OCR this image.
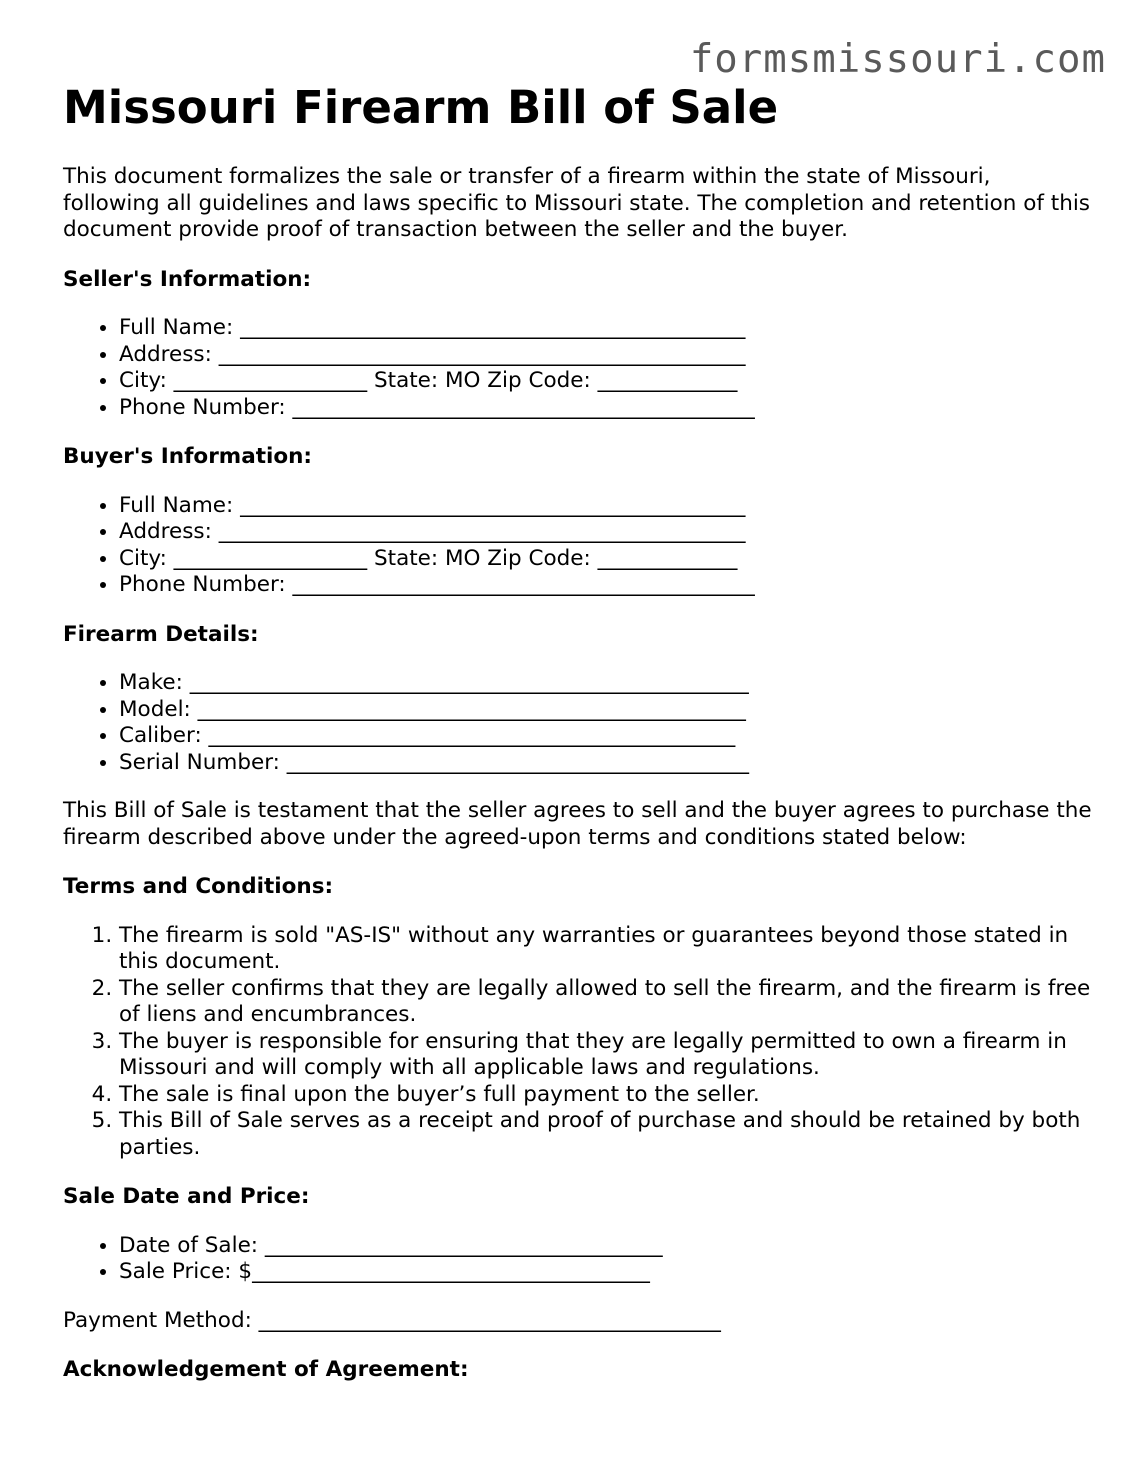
formsmissouri.com
Missouri Firearm Bill of Sale

This document formalizes the sale or transfer of a firearm within the state of Missouri, following all guidelines and laws specific to Missouri state. The completion and retention of this document provide proof of transaction between the seller and the buyer.

Seller's Information:
• Full Name: _______________________________________________
• Address: _________________________________________________
• City: __________________ State: MO Zip Code: _____________
• Phone Number: ___________________________________________
Buyer's Information:
• Full Name: _______________________________________________
• Address: _________________________________________________
• City: __________________ State: MO Zip Code: _____________
• Phone Number: ___________________________________________
Firearm Details:
• Make: ____________________________________________________
• Model: ___________________________________________________
• Caliber: _________________________________________________
• Serial Number: ___________________________________________

This Bill of Sale is testament that the seller agrees to sell and the buyer agrees to purchase the firearm described above under the agreed-upon terms and conditions stated below:

Terms and Conditions:
1. The firearm is sold "AS-IS" without any warranties or guarantees beyond those stated in this document.
2. The seller confirms that they are legally allowed to sell the firearm, and the firearm is free of liens and encumbrances.
3. The buyer is responsible for ensuring that they are legally permitted to own a firearm in Missouri and will comply with all applicable laws and regulations.
4. The sale is final upon the buyer’s full payment to the seller.
5. This Bill of Sale serves as a receipt and proof of purchase and should be retained by both parties.
Sale Date and Price:
• Date of Sale: _____________________________________
• Sale Price: $_____________________________________

Payment Method: ___________________________________________

Acknowledgement of Agreement:
